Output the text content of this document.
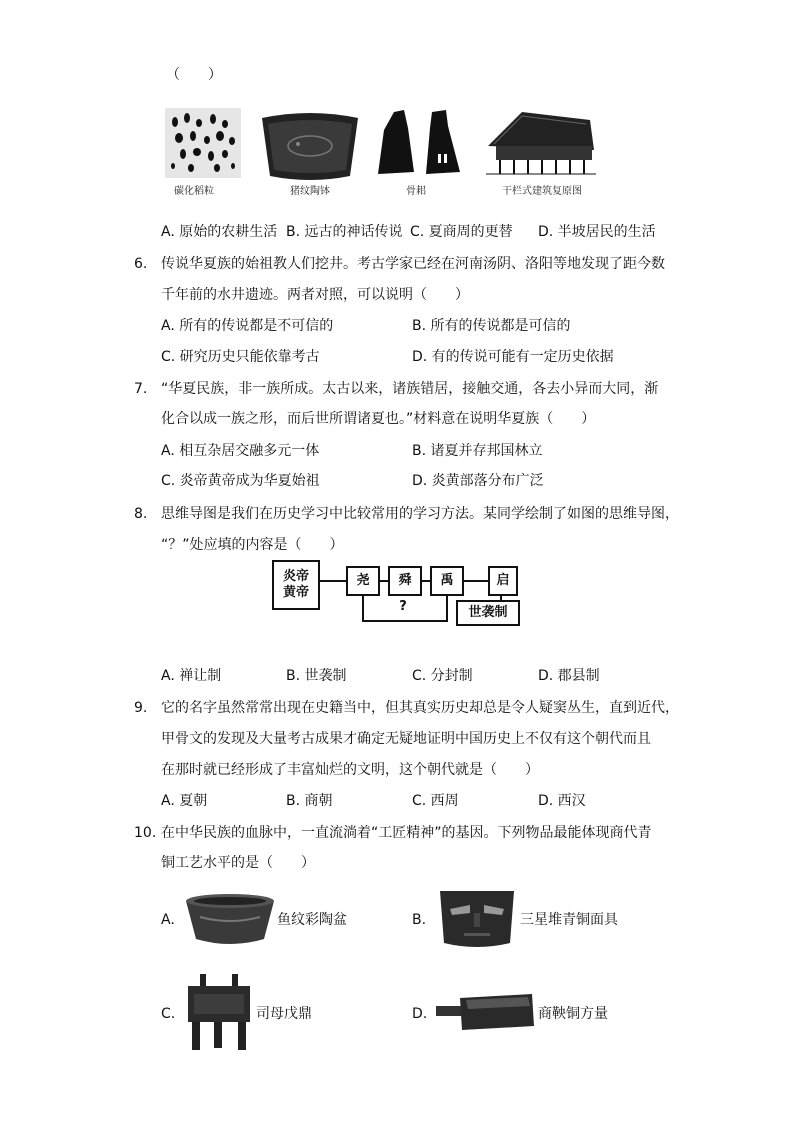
（　　）
碳化稻粒	猪纹陶钵	骨耜	干栏式建筑复原图
A. 原始的农耕生活 B. 远古的神话传说 C. 夏商周的更替 D. 半坡居民的生活
6. 传说华夏族的始祖教人们挖井。考古学家已经在河南汤阴、洛阳等地发现了距今数
千年前的水井遗迹。两者对照，可以说明（　　）
A. 所有的传说都是不可信的	B. 所有的传说都是可信的
C. 研究历史只能依靠考古	D. 有的传说可能有一定历史依据
7. “华夏民族，非一族所成。太古以来，诸族错居，接触交通，各去小异而大同，渐
化合以成一族之形，而后世所谓诸夏也。”材料意在说明华夏族（　　）
A. 相互杂居交融多元一体	B. 诸夏并存邦国林立
C. 炎帝黄帝成为华夏始祖	D. 炎黄部落分布广泛
8. 思维导图是我们在历史学习中比较常用的学习方法。某同学绘制了如图的思维导图，
“？”处应填的内容是（　　）
炎帝
黄帝
尧	舜	禹	启
?	世袭制
A. 禅让制	B. 世袭制	C. 分封制	D. 郡县制
9. 它的名字虽然常常出现在史籍当中，但其真实历史却总是令人疑窦丛生，直到近代，
甲骨文的发现及大量考古成果才确定无疑地证明中国历史上不仅有这个朝代而且
在那时就已经形成了丰富灿烂的文明，这个朝代就是（　　）
A. 夏朝	B. 商朝	C. 西周	D. 西汉
10. 在中华民族的血脉中，一直流淌着“工匠精神”的基因。下列物品最能体现商代青
铜工艺水平的是（　　）
A.	鱼纹彩陶盆	B.	三星堆青铜面具
C.	司母戊鼎	D.	商鞅铜方量
